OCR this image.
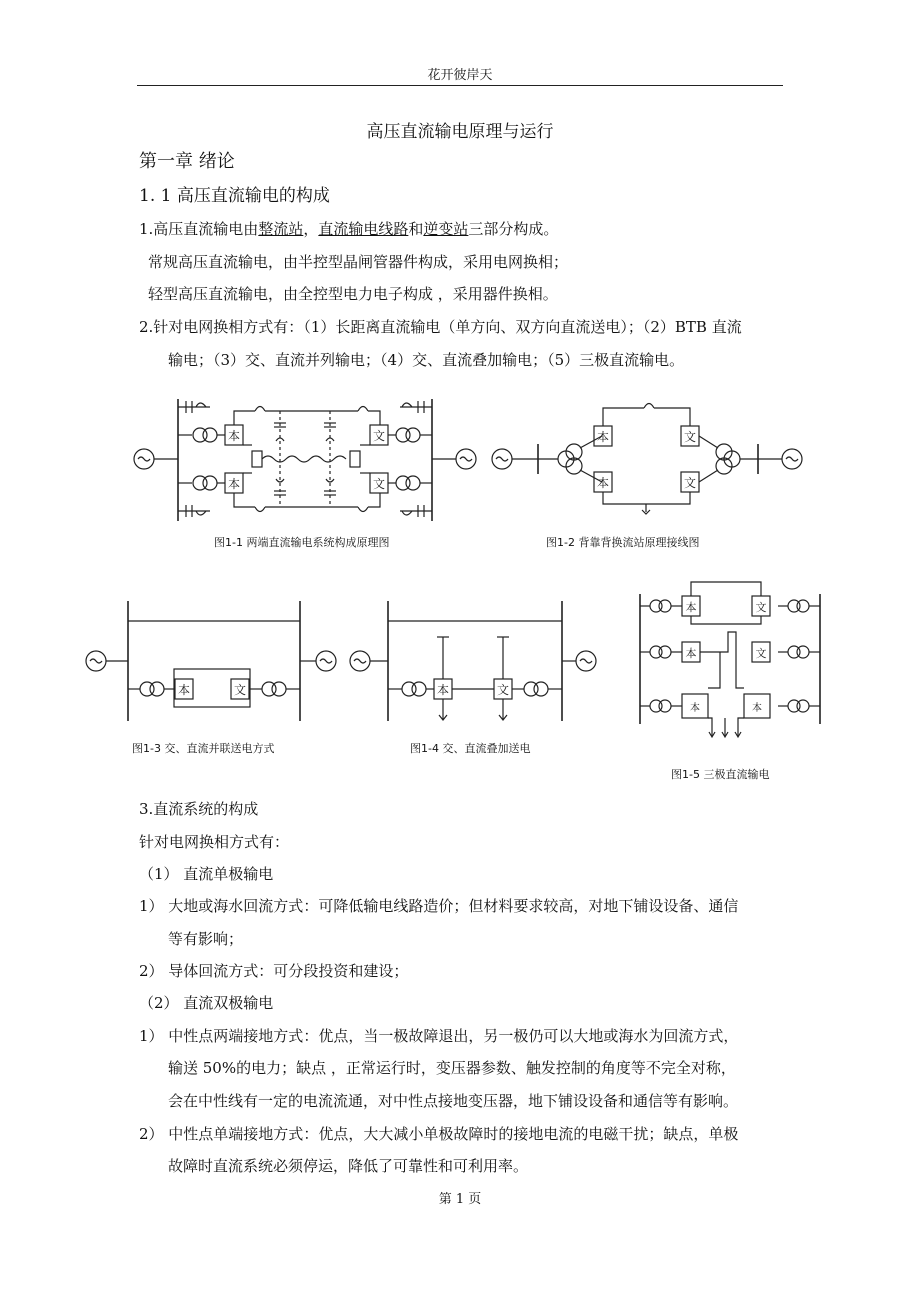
花开彼岸天
高压直流输电原理与运行
第一章 绪论
1. 1 高压直流输电的构成
1.高压直流输电由整流站，直流输电线路和逆变站三部分构成。
常规高压直流输电，由半控型晶闸管器件构成，采用电网换相；
轻型高压直流输电，由全控型电力电子构成 ，采用器件换相。
2.针对电网换相方式有：（1）长距离直流输电（单方向、双方向直流送电）；（2）BTB 直流
输电；（3）交、直流并列输电；（4）交、直流叠加输电；（5）三极直流输电。
本
本
文
文
图1-1 两端直流输电系统构成原理图
本
本
文
文
图1-2 背靠背换流站原理接线图
本	文
图1-3 交、直流并联送电方式
本	文
图1-4 交、直流叠加送电
本
本
本
文
文
本
图1-5 三极直流输电
3.直流系统的构成
针对电网换相方式有：
（1） 直流单极输电
1） 大地或海水回流方式：可降低输电线路造价；但材料要求较高，对地下铺设设备、通信
等有影响；
2） 导体回流方式：可分段投资和建设；
（2） 直流双极输电
1） 中性点两端接地方式：优点，当一极故障退出，另一极仍可以大地或海水为回流方式，
输送 50%的电力；缺点 ，正常运行时，变压器参数、触发控制的角度等不完全对称，
会在中性线有一定的电流流通，对中性点接地变压器，地下铺设设备和通信等有影响。
2） 中性点单端接地方式：优点，大大减小单极故障时的接地电流的电磁干扰；缺点，单极
故障时直流系统必须停运，降低了可靠性和可利用率。
第 1 页
